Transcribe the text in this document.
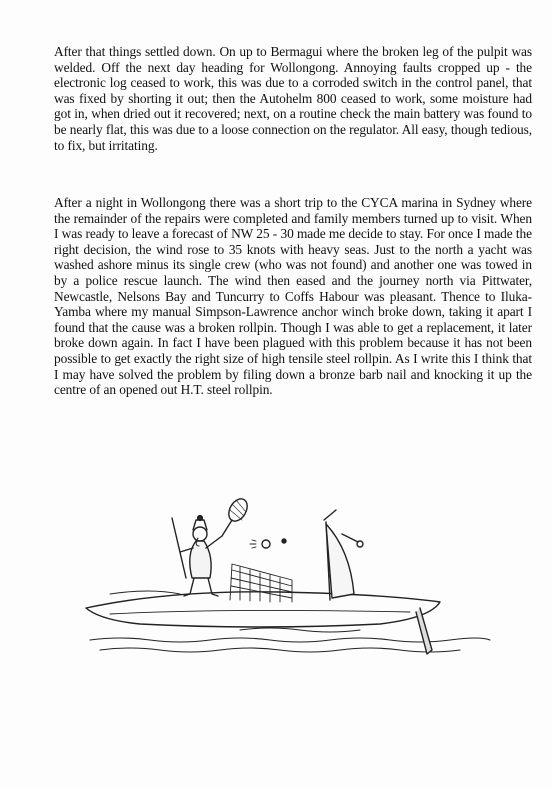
After that things settled down. On up to Bermagui where the broken leg of the pulpit was welded. Off the next day heading for Wollongong. Annoying faults cropped up - the electronic log ceased to work, this was due to a corroded switch in the control panel, that was fixed by shorting it out; then the Autohelm 800 ceased to work, some moisture had got in, when dried out it recovered; next, on a routine check the main battery was found to be nearly flat, this was due to a loose connection on the regulator. All easy, though tedious, to fix, but irritating.

After a night in Wollongong there was a short trip to the CYCA marina in Sydney where the remainder of the repairs were completed and family members turned up to visit. When I was ready to leave a forecast of NW 25 - 30 made me decide to stay. For once I made the right decision, the wind rose to 35 knots with heavy seas. Just to the north a yacht was washed ashore minus its single crew (who was not found) and another one was towed in by a police rescue launch. The wind then eased and the journey north via Pittwater, Newcastle, Nelsons Bay and Tuncurry to Coffs Habour was pleasant. Thence to Iluka-Yamba where my manual Simpson-Lawrence anchor winch broke down, taking it apart I found that the cause was a broken rollpin. Though I was able to get a replacement, it later broke down again. In fact I have been plagued with this problem because it has not been possible to get exactly the right size of high tensile steel rollpin. As I write this I think that I may have solved the problem by filing down a bronze barb nail and knocking it up the centre of an opened out H.T. steel rollpin.
